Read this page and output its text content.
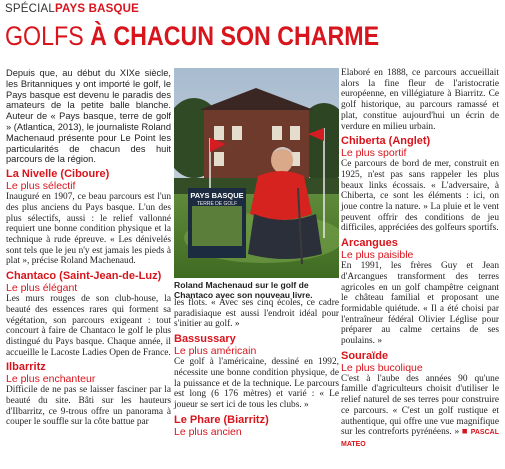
SPÉCIALPAYS BASQUE
GOLFS À CHACUN SON CHARME

Depuis que, au début du XIXe siècle, les Britanniques y ont importé le golf, le Pays basque est devenu le paradis des amateurs de la petite balle blanche. Auteur de « Pays basque, terre de golf » (Atlantica, 2013), le journaliste Roland Machenaud présente pour Le Point les particularités de chacun des huit parcours de la région.

La Nivelle (Ciboure)
Le plus sélectif

Inauguré en 1907, ce beau parcours est l'un des plus anciens du Pays basque. L'un des plus sélectifs, aussi : le relief vallonné requiert une bonne condition physique et la technique à rude épreuve. « Les dénivelés sont tels que le jeu n'y est jamais les pieds à plat », précise Roland Machenaud.

Chantaco (Saint-Jean-de-Luz)
Le plus élégant

Les murs rouges de son club-house, la beauté des essences rares qui forment sa végétation, son parcours exigeant : tout concourt à faire de Chantaco le golf le plus distingué du Pays basque. Chaque année, il accueille le Lacoste Ladies Open de France.

Ilbarritz
Le plus enchanteur

Difficile de ne pas se laisser fasciner par la beauté du site. Bâti sur les hauteurs d'Ilbarritz, ce 9-trous offre un panorama à couper le souffle sur la côte battue par

PAYS BASQUE
TERRE DE GOLF
Roland Machenaud sur le golf de Chantaco avec son nouveau livre.

les flots. « Avec ses cinq écoles, ce cadre paradisiaque est aussi l'endroit idéal pour s'initier au golf. »

Bassussary
Le plus américain

Ce golf à l'américaine, dessiné en 1992, nécessite une bonne condition physique, de la puissance et de la technique. Le parcours est long (6 176 mètres) et varié : « Le joueur se sert ici de tous les clubs. »

Le Phare (Biarritz)
Le plus ancien

Elaboré en 1888, ce parcours accueillait alors la fine fleur de l'aristocratie européenne, en villégiature à Biarritz. Ce golf historique, au parcours ramassé et plat, constitue aujourd'hui un écrin de verdure en milieu urbain.

Chiberta (Anglet)
Le plus sportif

Ce parcours de bord de mer, construit en 1925, n'est pas sans rappeler les plus beaux links écossais. « L'adversaire, à Chiberta, ce sont les éléments : ici, on joue contre la nature. » La pluie et le vent peuvent offrir des conditions de jeu difficiles, appréciées des golfeurs sportifs.

Arcangues
Le plus paisible

En 1991, les frères Guy et Jean d'Arcangues transforment des terres agricoles en un golf champêtre ceignant le château familial et proposant une formidable quiétude. « Il a été choisi par l'entraîneur fédéral Olivier Léglise pour préparer au calme certains de ses poulains. »

Souraïde
Le plus bucolique

C'est à l'aube des années 90 qu'une famille d'agriculteurs choisit d'utiliser le relief naturel de ses terres pour construire ce parcours. « C'est un golf rustique et authentique, qui offre une vue magnifique sur les contreforts pyrénéens. » ■ PASCAL MATEO
